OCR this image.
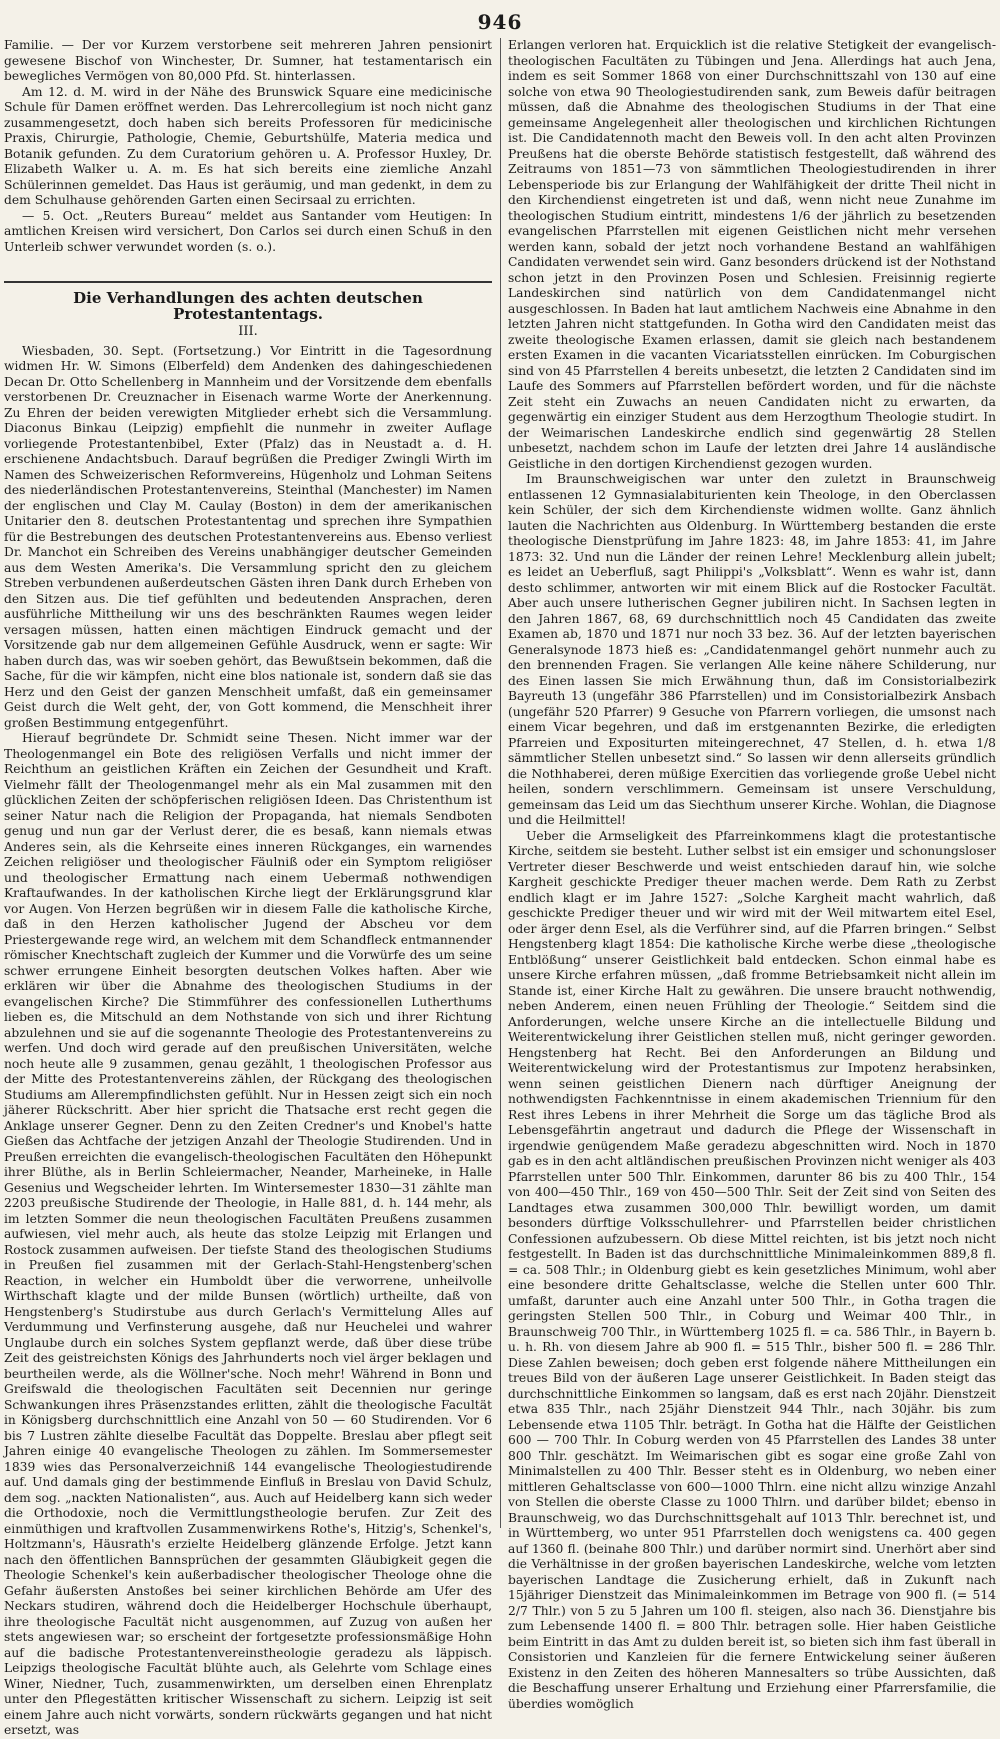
946

Familie. — Der vor Kurzem verstorbene seit mehreren Jahren pensionirt gewesene Bischof von Winchester, Dr. Sumner, hat testamentarisch ein bewegliches Vermögen von 80,000 Pfd. St. hinterlassen.

Am 12. d. M. wird in der Nähe des Brunswick Square eine medicinische Schule für Damen eröffnet werden. Das Lehrercollegium ist noch nicht ganz zusammengesetzt, doch haben sich bereits Professoren für medicinische Praxis, Chirurgie, Pathologie, Chemie, Geburtshülfe, Materia medica und Botanik gefunden. Zu dem Curatorium gehören u. A. Professor Huxley, Dr. Elizabeth Walker u. A. m. Es hat sich bereits eine ziemliche Anzahl Schülerinnen gemeldet. Das Haus ist geräumig, und man gedenkt, in dem zu dem Schulhause gehörenden Garten einen Secirsaal zu errichten.

— 5. Oct. „Reuters Bureau“ meldet aus Santander vom Heutigen: In amtlichen Kreisen wird versichert, Don Carlos sei durch einen Schuß in den Unterleib schwer verwundet worden (s. o.).

Die Verhandlungen des achten deutschen Protestantentags.
III.

Wiesbaden, 30. Sept. (Fortsetzung.) Vor Eintritt in die Tagesordnung widmen Hr. W. Simons (Elberfeld) dem Andenken des dahingeschiedenen Decan Dr. Otto Schellenberg in Mannheim und der Vorsitzende dem ebenfalls verstorbenen Dr. Creuznacher in Eisenach warme Worte der Anerkennung. Zu Ehren der beiden verewigten Mitglieder erhebt sich die Versammlung. Diaconus Binkau (Leipzig) empfiehlt die nunmehr in zweiter Auflage vorliegende Protestantenbibel, Exter (Pfalz) das in Neustadt a. d. H. erschienene Andachtsbuch. Darauf begrüßen die Prediger Zwingli Wirth im Namen des Schweizerischen Reformvereins, Hügenholz und Lohman Seitens des niederländischen Protestantenvereins, Steinthal (Manchester) im Namen der englischen und Clay M. Caulay (Boston) in dem der amerikanischen Unitarier den 8. deutschen Protestantentag und sprechen ihre Sympathien für die Bestrebungen des deutschen Protestantenvereins aus. Ebenso verliest Dr. Manchot ein Schreiben des Vereins unabhängiger deutscher Gemeinden aus dem Westen Amerika's. Die Versammlung spricht den zu gleichem Streben verbundenen außerdeutschen Gästen ihren Dank durch Erheben von den Sitzen aus. Die tief gefühlten und bedeutenden Ansprachen, deren ausführliche Mittheilung wir uns des beschränkten Raumes wegen leider versagen müssen, hatten einen mächtigen Eindruck gemacht und der Vorsitzende gab nur dem allgemeinen Gefühle Ausdruck, wenn er sagte: Wir haben durch das, was wir soeben gehört, das Bewußtsein bekommen, daß die Sache, für die wir kämpfen, nicht eine blos nationale ist, sondern daß sie das Herz und den Geist der ganzen Menschheit umfaßt, daß ein gemeinsamer Geist durch die Welt geht, der, von Gott kommend, die Menschheit ihrer großen Bestimmung entgegenführt.

Hierauf begründete Dr. Schmidt seine Thesen. Nicht immer war der Theologenmangel ein Bote des religiösen Verfalls und nicht immer der Reichthum an geistlichen Kräften ein Zeichen der Gesundheit und Kraft. Vielmehr fällt der Theologenmangel mehr als ein Mal zusammen mit den glücklichen Zeiten der schöpferischen religiösen Ideen. Das Christenthum ist seiner Natur nach die Religion der Propaganda, hat niemals Sendboten genug und nun gar der Verlust derer, die es besaß, kann niemals etwas Anderes sein, als die Kehrseite eines inneren Rückganges, ein warnendes Zeichen religiöser und theologischer Fäulniß oder ein Symptom religiöser und theologischer Ermattung nach einem Uebermaß nothwendigen Kraftaufwandes. In der katholischen Kirche liegt der Erklärungsgrund klar vor Augen. Von Herzen begrüßen wir in diesem Falle die katholische Kirche, daß in den Herzen katholischer Jugend der Abscheu vor dem Priestergewande rege wird, an welchem mit dem Schandfleck entmannender römischer Knechtschaft zugleich der Kummer und die Vorwürfe des um seine schwer errungene Einheit besorgten deutschen Volkes haften. Aber wie erklären wir über die Abnahme des theologischen Studiums in der evangelischen Kirche? Die Stimmführer des confessionellen Lutherthums lieben es, die Mitschuld an dem Nothstande von sich und ihrer Richtung abzulehnen und sie auf die sogenannte Theologie des Protestantenvereins zu werfen. Und doch wird gerade auf den preußischen Universitäten, welche noch heute alle 9 zusammen, genau gezählt, 1 theologischen Professor aus der Mitte des Protestantenvereins zählen, der Rückgang des theologischen Studiums am Allerempfindlichsten gefühlt. Nur in Hessen zeigt sich ein noch jäherer Rückschritt. Aber hier spricht die Thatsache erst recht gegen die Anklage unserer Gegner. Denn zu den Zeiten Credner's und Knobel's hatte Gießen das Achtfache der jetzigen Anzahl der Theologie Studirenden. Und in Preußen erreichten die evangelisch-theologischen Facultäten den Höhepunkt ihrer Blüthe, als in Berlin Schleiermacher, Neander, Marheineke, in Halle Gesenius und Wegscheider lehrten. Im Wintersemester 1830—31 zählte man 2203 preußische Studirende der Theologie, in Halle 881, d. h. 144 mehr, als im letzten Sommer die neun theologischen Facultäten Preußens zusammen aufwiesen, viel mehr auch, als heute das stolze Leipzig mit Erlangen und Rostock zusammen aufweisen. Der tiefste Stand des theologischen Studiums in Preußen fiel zusammen mit der Gerlach-Stahl-Hengstenberg'schen Reaction, in welcher ein Humboldt über die verworrene, unheilvolle Wirthschaft klagte und der milde Bunsen (wörtlich) urtheilte, daß von Hengstenberg's Studirstube aus durch Gerlach's Vermittelung Alles auf Verdummung und Verfinsterung ausgehe, daß nur Heuchelei und wahrer Unglaube durch ein solches System gepflanzt werde, daß über diese trübe Zeit des geistreichsten Königs des Jahrhunderts noch viel ärger beklagen und beurtheilen werde, als die Wöllner'sche. Noch mehr! Während in Bonn und Greifswald die theologischen Facultäten seit Decennien nur geringe Schwankungen ihres Präsenzstandes erlitten, zählt die theologische Facultät in Königsberg durchschnittlich eine Anzahl von 50 — 60 Studirenden. Vor 6 bis 7 Lustren zählte dieselbe Facultät das Doppelte. Breslau aber pflegt seit Jahren einige 40 evangelische Theologen zu zählen. Im Sommersemester 1839 wies das Personalverzeichniß 144 evangelische Theologiestudirende auf. Und damals ging der bestimmende Einfluß in Breslau von David Schulz, dem sog. „nackten Nationalisten“, aus. Auch auf Heidelberg kann sich weder die Orthodoxie, noch die Vermittlungstheologie berufen. Zur Zeit des einmüthigen und kraftvollen Zusammenwirkens Rothe's, Hitzig's, Schenkel's, Holtzmann's, Häusrath's erzielte Heidelberg glänzende Erfolge. Jetzt kann nach den öffentlichen Bannsprüchen der gesammten Gläubigkeit gegen die Theologie Schenkel's kein außerbadischer theologischer Theologe ohne die Gefahr äußersten Anstoßes bei seiner kirchlichen Behörde am Ufer des Neckars studiren, während doch die Heidelberger Hochschule überhaupt, ihre theologische Facultät nicht ausgenommen, auf Zuzug von außen her stets angewiesen war; so erscheint der fortgesetzte professionsmäßige Hohn auf die badische Protestantenvereinstheologie geradezu als läppisch. Leipzigs theologische Facultät blühte auch, als Gelehrte vom Schlage eines Winer, Niedner, Tuch, zusammenwirkten, um derselben einen Ehrenplatz unter den Pflegestätten kritischer Wissenschaft zu sichern. Leipzig ist seit einem Jahre auch nicht vorwärts, sondern rückwärts gegangen und hat nicht ersetzt, was

Erlangen verloren hat. Erquicklich ist die relative Stetigkeit der evangelisch-theologischen Facultäten zu Tübingen und Jena. Allerdings hat auch Jena, indem es seit Sommer 1868 von einer Durchschnittszahl von 130 auf eine solche von etwa 90 Theologiestudirenden sank, zum Beweis dafür beitragen müssen, daß die Abnahme des theologischen Studiums in der That eine gemeinsame Angelegenheit aller theologischen und kirchlichen Richtungen ist. Die Candidatennoth macht den Beweis voll. In den acht alten Provinzen Preußens hat die oberste Behörde statistisch festgestellt, daß während des Zeitraums von 1851—73 von sämmtlichen Theologiestudirenden in ihrer Lebensperiode bis zur Erlangung der Wahlfähigkeit der dritte Theil nicht in den Kirchendienst eingetreten ist und daß, wenn nicht neue Zunahme im theologischen Studium eintritt, mindestens 1/6 der jährlich zu besetzenden evangelischen Pfarrstellen mit eigenen Geistlichen nicht mehr versehen werden kann, sobald der jetzt noch vorhandene Bestand an wahlfähigen Candidaten verwendet sein wird. Ganz besonders drückend ist der Nothstand schon jetzt in den Provinzen Posen und Schlesien. Freisinnig regierte Landeskirchen sind natürlich von dem Candidatenmangel nicht ausgeschlossen. In Baden hat laut amtlichem Nachweis eine Abnahme in den letzten Jahren nicht stattgefunden. In Gotha wird den Candidaten meist das zweite theologische Examen erlassen, damit sie gleich nach bestandenem ersten Examen in die vacanten Vicariatsstellen einrücken. Im Coburgischen sind von 45 Pfarrstellen 4 bereits unbesetzt, die letzten 2 Candidaten sind im Laufe des Sommers auf Pfarrstellen befördert worden, und für die nächste Zeit steht ein Zuwachs an neuen Candidaten nicht zu erwarten, da gegenwärtig ein einziger Student aus dem Herzogthum Theologie studirt. In der Weimarischen Landeskirche endlich sind gegenwärtig 28 Stellen unbesetzt, nachdem schon im Laufe der letzten drei Jahre 14 ausländische Geistliche in den dortigen Kirchendienst gezogen wurden.

Im Braunschweigischen war unter den zuletzt in Braunschweig entlassenen 12 Gymnasialabiturienten kein Theologe, in den Oberclassen kein Schüler, der sich dem Kirchendienste widmen wollte. Ganz ähnlich lauten die Nachrichten aus Oldenburg. In Württemberg bestanden die erste theologische Dienstprüfung im Jahre 1823: 48, im Jahre 1853: 41, im Jahre 1873: 32. Und nun die Länder der reinen Lehre! Mecklenburg allein jubelt; es leidet an Ueberfluß, sagt Philippi's „Volksblatt“. Wenn es wahr ist, dann desto schlimmer, antworten wir mit einem Blick auf die Rostocker Facultät. Aber auch unsere lutherischen Gegner jubiliren nicht. In Sachsen legten in den Jahren 1867, 68, 69 durchschnittlich noch 45 Candidaten das zweite Examen ab, 1870 und 1871 nur noch 33 bez. 36. Auf der letzten bayerischen Generalsynode 1873 hieß es: „Candidatenmangel gehört nunmehr auch zu den brennenden Fragen. Sie verlangen Alle keine nähere Schilderung, nur des Einen lassen Sie mich Erwähnung thun, daß im Consistorialbezirk Bayreuth 13 (ungefähr 386 Pfarrstellen) und im Consistorialbezirk Ansbach (ungefähr 520 Pfarrer) 9 Gesuche von Pfarrern vorliegen, die umsonst nach einem Vicar begehren, und daß im erstgenannten Bezirke, die erledigten Pfarreien und Expositurten miteingerechnet, 47 Stellen, d. h. etwa 1/8 sämmtlicher Stellen unbesetzt sind.“ So lassen wir denn allerseits gründlich die Nothhaberei, deren müßige Exercitien das vorliegende große Uebel nicht heilen, sondern verschlimmern. Gemeinsam ist unsere Verschuldung, gemeinsam das Leid um das Siechthum unserer Kirche. Wohlan, die Diagnose und die Heilmittel!

Ueber die Armseligkeit des Pfarreinkommens klagt die protestantische Kirche, seitdem sie besteht. Luther selbst ist ein emsiger und schonungsloser Vertreter dieser Beschwerde und weist entschieden darauf hin, wie solche Kargheit geschickte Prediger theuer machen werde. Dem Rath zu Zerbst endlich klagt er im Jahre 1527: „Solche Kargheit macht wahrlich, daß geschickte Prediger theuer und wir wird mit der Weil mitwartem eitel Esel, oder ärger denn Esel, als die Verführer sind, auf die Pfarren bringen.“ Selbst Hengstenberg klagt 1854: Die katholische Kirche werbe diese „theologische Entblößung“ unserer Geistlichkeit bald entdecken. Schon einmal habe es unsere Kirche erfahren müssen, „daß fromme Betriebsamkeit nicht allein im Stande ist, einer Kirche Halt zu gewähren. Die unsere braucht nothwendig, neben Anderem, einen neuen Frühling der Theologie.“ Seitdem sind die Anforderungen, welche unsere Kirche an die intellectuelle Bildung und Weiterentwickelung ihrer Geistlichen stellen muß, nicht geringer geworden. Hengstenberg hat Recht. Bei den Anforderungen an Bildung und Weiterentwickelung wird der Protestantismus zur Impotenz herabsinken, wenn seinen geistlichen Dienern nach dürftiger Aneignung der nothwendigsten Fachkenntnisse in einem akademischen Triennium für den Rest ihres Lebens in ihrer Mehrheit die Sorge um das tägliche Brod als Lebensgefährtin angetraut und dadurch die Pflege der Wissenschaft in irgendwie genügendem Maße geradezu abgeschnitten wird. Noch in 1870 gab es in den acht altländischen preußischen Provinzen nicht weniger als 403 Pfarrstellen unter 500 Thlr. Einkommen, darunter 86 bis zu 400 Thlr., 154 von 400—450 Thlr., 169 von 450—500 Thlr. Seit der Zeit sind von Seiten des Landtages etwa zusammen 300,000 Thlr. bewilligt worden, um damit besonders dürftige Volksschullehrer- und Pfarrstellen beider christlichen Confessionen aufzubessern. Ob diese Mittel reichten, ist bis jetzt noch nicht festgestellt. In Baden ist das durchschnittliche Minimaleinkommen 889,8 fl. = ca. 508 Thlr.; in Oldenburg giebt es kein gesetzliches Minimum, wohl aber eine besondere dritte Gehaltsclasse, welche die Stellen unter 600 Thlr. umfaßt, darunter auch eine Anzahl unter 500 Thlr., in Gotha tragen die geringsten Stellen 500 Thlr., in Coburg und Weimar 400 Thlr., in Braunschweig 700 Thlr., in Württemberg 1025 fl. = ca. 586 Thlr., in Bayern b. u. h. Rh. von diesem Jahre ab 900 fl. = 515 Thlr., bisher 500 fl. = 286 Thlr. Diese Zahlen beweisen; doch geben erst folgende nähere Mittheilungen ein treues Bild von der äußeren Lage unserer Geistlichkeit. In Baden steigt das durchschnittliche Einkommen so langsam, daß es erst nach 20jähr. Dienstzeit etwa 835 Thlr., nach 25jähr Dienstzeit 944 Thlr., nach 30jähr. bis zum Lebensende etwa 1105 Thlr. beträgt. In Gotha hat die Hälfte der Geistlichen 600 — 700 Thlr. In Coburg werden von 45 Pfarrstellen des Landes 38 unter 800 Thlr. geschätzt. Im Weimarischen gibt es sogar eine große Zahl von Minimalstellen zu 400 Thlr. Besser steht es in Oldenburg, wo neben einer mittleren Gehaltsclasse von 600—1000 Thlrn. eine nicht allzu winzige Anzahl von Stellen die oberste Classe zu 1000 Thlrn. und darüber bildet; ebenso in Braunschweig, wo das Durchschnittsgehalt auf 1013 Thlr. berechnet ist, und in Württemberg, wo unter 951 Pfarrstellen doch wenigstens ca. 400 gegen auf 1360 fl. (beinahe 800 Thlr.) und darüber normirt sind. Unerhört aber sind die Verhältnisse in der großen bayerischen Landeskirche, welche vom letzten bayerischen Landtage die Zusicherung erhielt, daß in Zukunft nach 15jähriger Dienstzeit das Minimaleinkommen im Betrage von 900 fl. (= 514 2/7 Thlr.) von 5 zu 5 Jahren um 100 fl. steigen, also nach 36. Dienstjahre bis zum Lebensende 1400 fl. = 800 Thlr. betragen solle. Hier haben Geistliche beim Eintritt in das Amt zu dulden bereit ist, so bieten sich ihm fast überall in Consistorien und Kanzleien für die fernere Entwickelung seiner äußeren Existenz in den Zeiten des höheren Mannesalters so trübe Aussichten, daß die Beschaffung unserer Erhaltung und Erziehung einer Pfarrersfamilie, die überdies womöglich
